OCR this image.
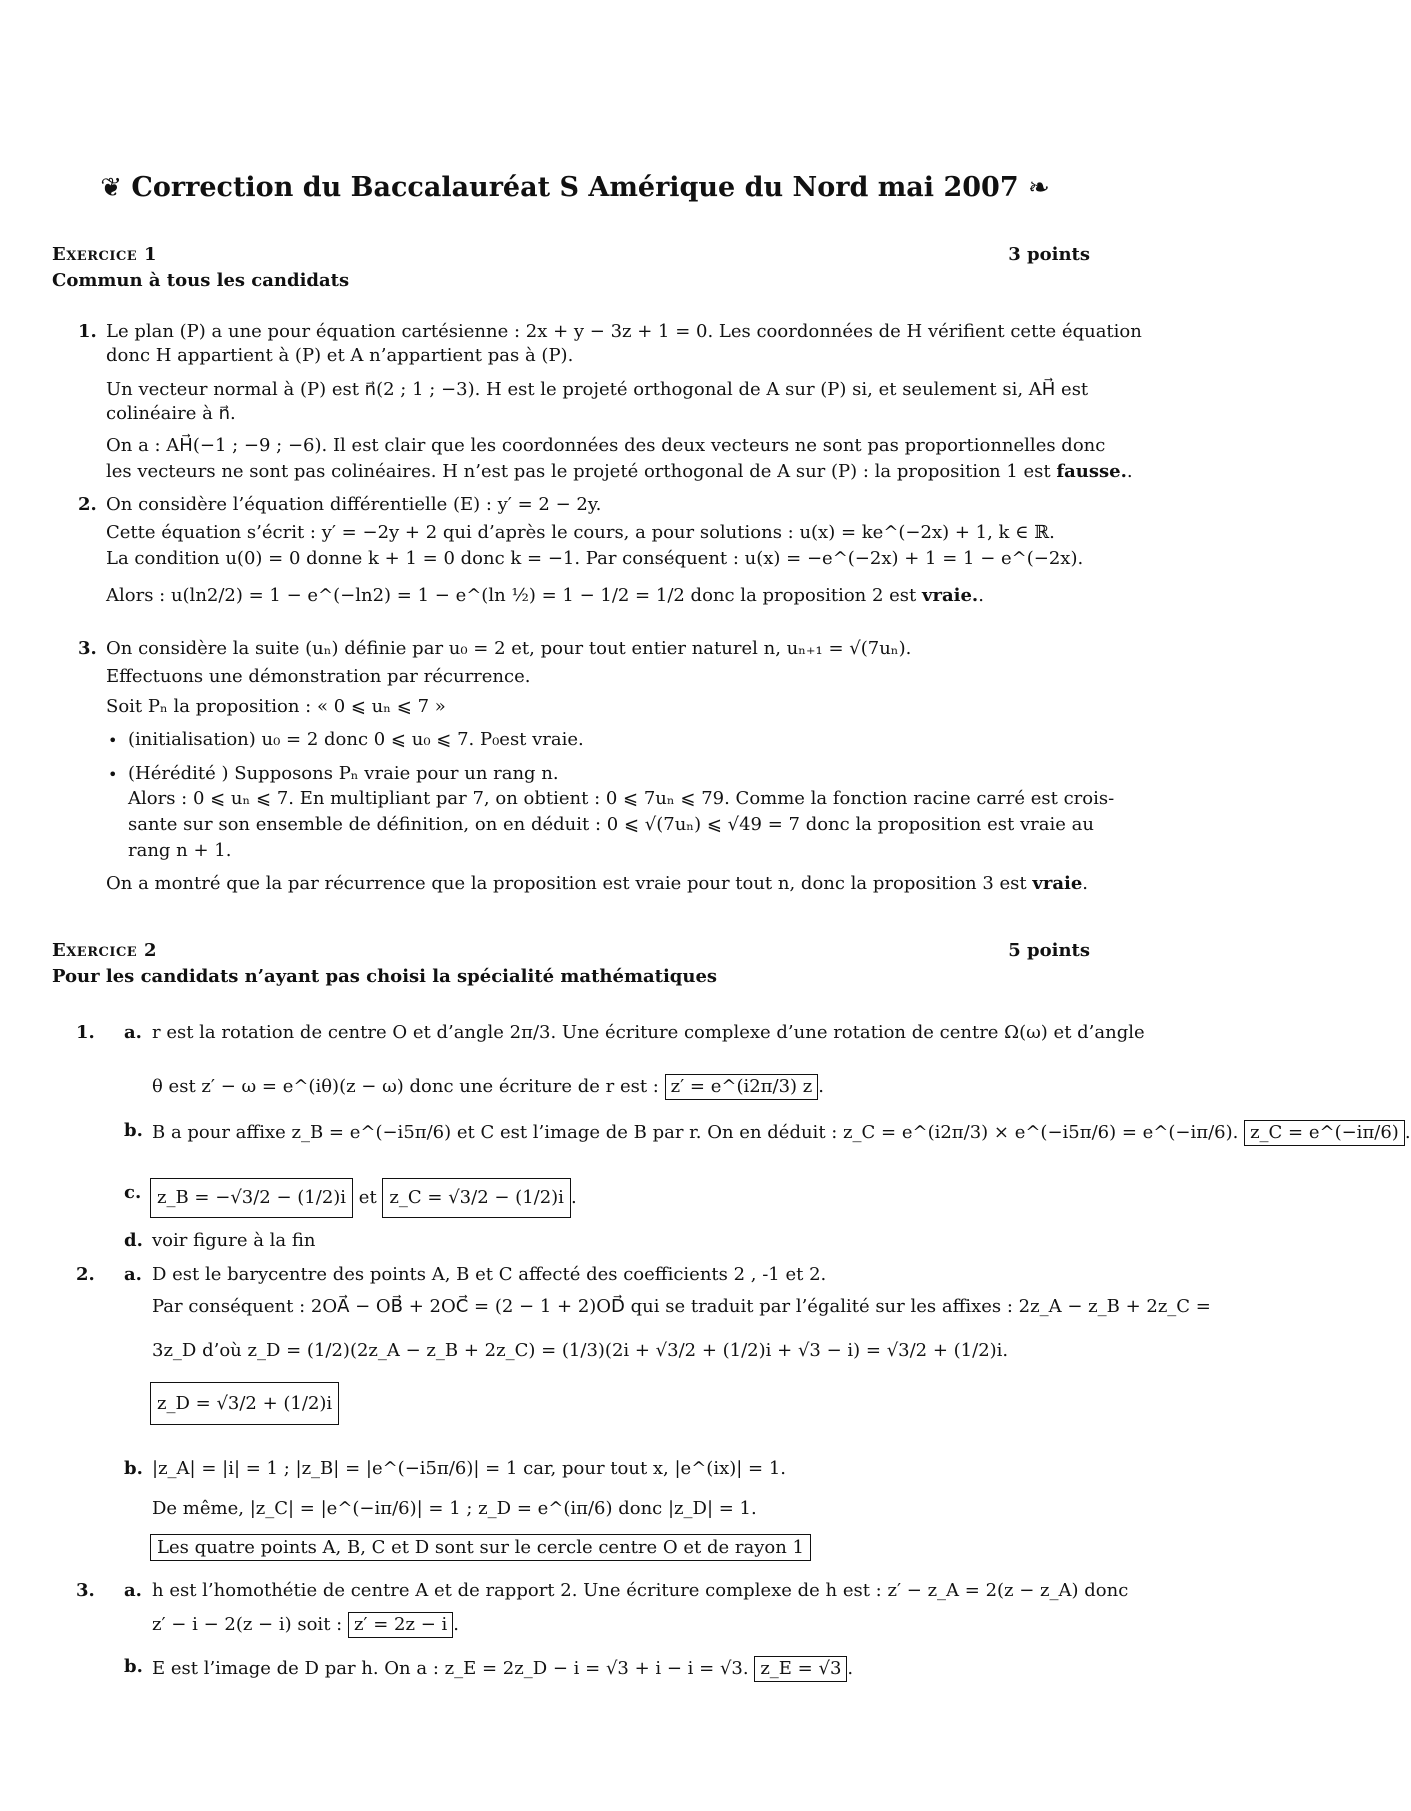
❦ Correction du Baccalauréat S Amérique du Nord mai 2007 ❧
Exercice 1	3 points
Commun à tous les candidats
1. Le plan (P) a une pour équation cartésienne : 2x + y − 3z + 1 = 0. Les coordonnées de H vérifient cette équation
donc H appartient à (P) et A n’appartient pas à (P).
Un vecteur normal à (P) est n⃗(2 ; 1 ; −3). H est le projeté orthogonal de A sur (P) si, et seulement si, AH⃗ est
colinéaire à n⃗.
On a : AH⃗(−1 ; −9 ; −6). Il est clair que les coordonnées des deux vecteurs ne sont pas proportionnelles donc
les vecteurs ne sont pas colinéaires. H n’est pas le projeté orthogonal de A sur (P) : la proposition 1 est fausse..
2. On considère l’équation différentielle (E) : y′ = 2 − 2y.
Cette équation s’écrit : y′ = −2y + 2 qui d’après le cours, a pour solutions : u(x) = ke^(−2x) + 1, k ∈ ℝ.
La condition u(0) = 0 donne k + 1 = 0 donc k = −1. Par conséquent : u(x) = −e^(−2x) + 1 = 1 − e^(−2x).
Alors : u(ln2/2) = 1 − e^(−ln2) = 1 − e^(ln ½) = 1 − 1/2 = 1/2 donc la proposition 2 est vraie..
3. On considère la suite (uₙ) définie par u₀ = 2 et, pour tout entier naturel n, uₙ₊₁ = √(7uₙ).
Effectuons une démonstration par récurrence.
Soit Pₙ la proposition : « 0 ⩽ uₙ ⩽ 7 »
• (initialisation) u₀ = 2 donc 0 ⩽ u₀ ⩽ 7. P₀est vraie.
• (Hérédité ) Supposons Pₙ vraie pour un rang n.
Alors : 0 ⩽ uₙ ⩽ 7. En multipliant par 7, on obtient : 0 ⩽ 7uₙ ⩽ 79. Comme la fonction racine carré est crois-
sante sur son ensemble de définition, on en déduit : 0 ⩽ √(7uₙ) ⩽ √49 = 7 donc la proposition est vraie au
rang n + 1.
On a montré que la par récurrence que la proposition est vraie pour tout n, donc la proposition 3 est vraie.
Exercice 2	5 points
Pour les candidats n’ayant pas choisi la spécialité mathématiques
1. a. r est la rotation de centre O et d’angle 2π/3. Une écriture complexe d’une rotation de centre Ω(ω) et d’angle
θ est z′ − ω = e^(iθ)(z − ω) donc une écriture de r est : z′ = e^(i2π/3) z .
b. B a pour affixe z_B = e^(−i5π/6) et C est l’image de B par r. On en déduit : z_C = e^(i2π/3) × e^(−i5π/6) = e^(−iπ/6). z_C = e^(−iπ/6) .
c. z_B = −√3/2 − (1/2)i et z_C = √3/2 − (1/2)i .
d. voir figure à la fin
2. a. D est le barycentre des points A, B et C affecté des coefficients 2 , -1 et 2.
Par conséquent : 2OA⃗ − OB⃗ + 2OC⃗ = (2 − 1 + 2)OD⃗ qui se traduit par l’égalité sur les affixes : 2z_A − z_B + 2z_C =
3z_D d’où z_D = (1/2)(2z_A − z_B + 2z_C) = (1/3)(2i + √3/2 + (1/2)i + √3 − i) = √3/2 + (1/2)i.
z_D = √3/2 + (1/2)i
b. |z_A| = |i| = 1 ; |z_B| = |e^(−i5π/6)| = 1 car, pour tout x, |e^(ix)| = 1.
De même, |z_C| = |e^(−iπ/6)| = 1 ; z_D = e^(iπ/6) donc |z_D| = 1.
Les quatre points A, B, C et D sont sur le cercle centre O et de rayon 1
3. a. h est l’homothétie de centre A et de rapport 2. Une écriture complexe de h est : z′ − z_A = 2(z − z_A) donc
z′ − i − 2(z − i) soit : z′ = 2z − i .
b. E est l’image de D par h. On a : z_E = 2z_D − i = √3 + i − i = √3. z_E = √3 .
